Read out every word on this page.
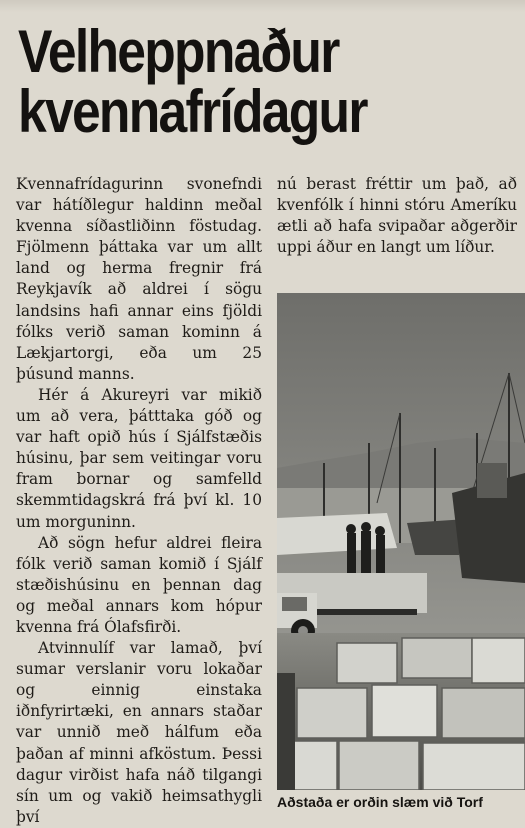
Velheppnaður
kvennafrídagur

Kvennafrídagurinn svonefndi var hátíðlegur haldinn meðal kvenna síðastliðinn föstudag. Fjölmenn þáttaka var um allt land og herma fregnir frá Reykjavík að aldrei í sögu landsins hafi annar eins fjöldi fólks verið saman kominn á Lækjartorgi, eða um 25 þúsund manns.

Hér á Akureyri var mikið um að vera, þátttaka góð og var haft opið hús í Sjálfstæðis húsinu, þar sem veitingar voru fram bornar og samfelld skemmtidagskrá frá því kl. 10 um morguninn.

Að sögn hefur aldrei fleira fólk verið saman komið í Sjálf stæðishúsinu en þennan dag og meðal annars kom hópur kvenna frá Ólafsfirði.

Atvinnulíf var lamað, því sumar verslanir voru lokaðar og einnig einstaka iðnfyrirtæki, en annars staðar var unnið með hálfum eða þaðan af minni afköstum. Þessi dagur virðist hafa náð tilgangi sín um og vakið heimsathygli því

nú berast fréttir um það, að kvenfólk í hinni stóru Ameríku ætli að hafa svipaðar aðgerðir uppi áður en langt um líður.

Aðstaða er orðin slæm við Torf
